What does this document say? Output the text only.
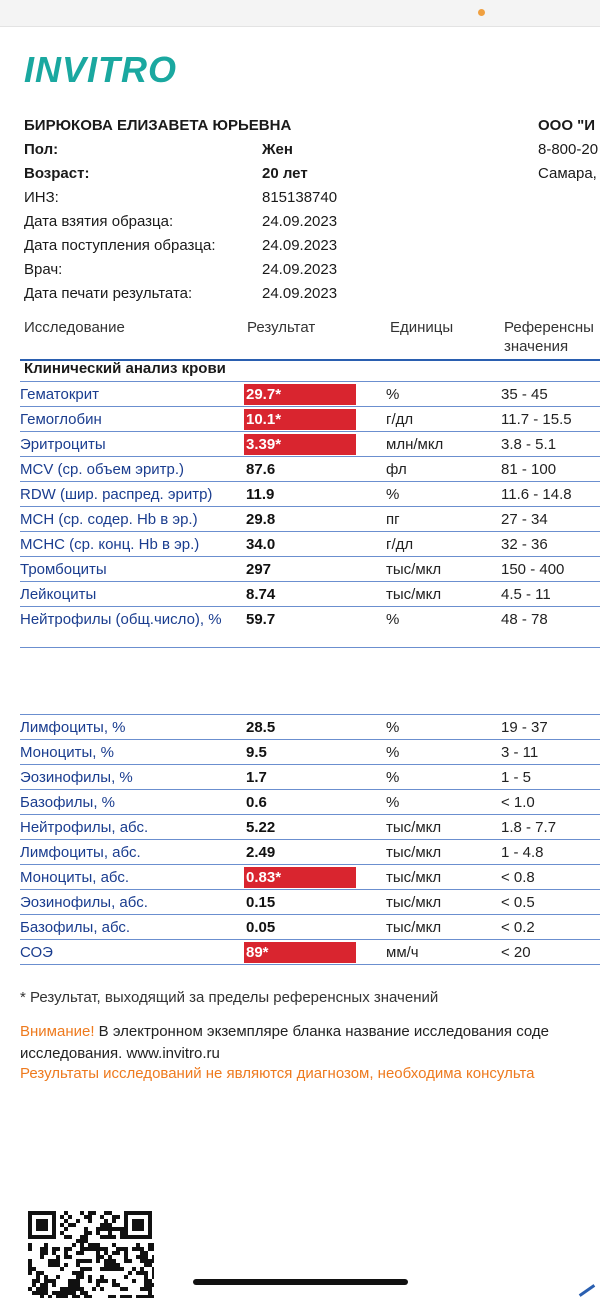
INVITRO
БИРЮКОВА ЕЛИЗАВЕТА ЮРЬЕВНА
Пол:	Жен
Возраст:	20 лет
ИНЗ:	815138740
Дата взятия образца:	24.09.2023
Дата поступления образца:	24.09.2023
Врач:	24.09.2023
Дата печати результата:	24.09.2023
ООО "И
8-800-20
Самара,
Исследование	Результат	Единицы	Референсны
значения
Клинический анализ крови
Гематокрит	29.7*	%	35 - 45
Гемоглобин	10.1*	г/дл	11.7 - 15.5
Эритроциты	3.39*	млн/мкл	3.8 - 5.1
MCV (ср. объем эритр.)	87.6	фл	81 - 100
RDW (шир. распред. эритр) 11.9	%	11.6 - 14.8
MCH (ср. содер. Hb в эр.)	29.8	пг	27 - 34
MCHC (ср. конц. Hb в эр.)	34.0	г/дл	32 - 36
Тромбоциты	297	тыс/мкл	150 - 400
Лейкоциты	8.74	тыс/мкл	4.5 - 11
Нейтрофилы (общ.число), %	59.7	%	48 - 78
Лимфоциты, %	28.5	%	19 - 37
Моноциты, %	9.5	%	3 - 11
Эозинофилы, %	1.7	%	1 - 5
Базофилы, %	0.6	%	< 1.0
Нейтрофилы, абс.	5.22	тыс/мкл	1.8 - 7.7
Лимфоциты, абс.	2.49	тыс/мкл	1 - 4.8
Моноциты, абс.	0.83*	тыс/мкл	< 0.8
Эозинофилы, абс.	0.15	тыс/мкл	< 0.5
Базофилы, абс.	0.05	тыс/мкл	< 0.2
СОЭ	89*	мм/ч	< 20
* Результат, выходящий за пределы референсных значений
Внимание! В электронном экземпляре бланка название исследования соде
исследования. www.invitro.ru
Результаты исследований не являются диагнозом, необходима консульта
